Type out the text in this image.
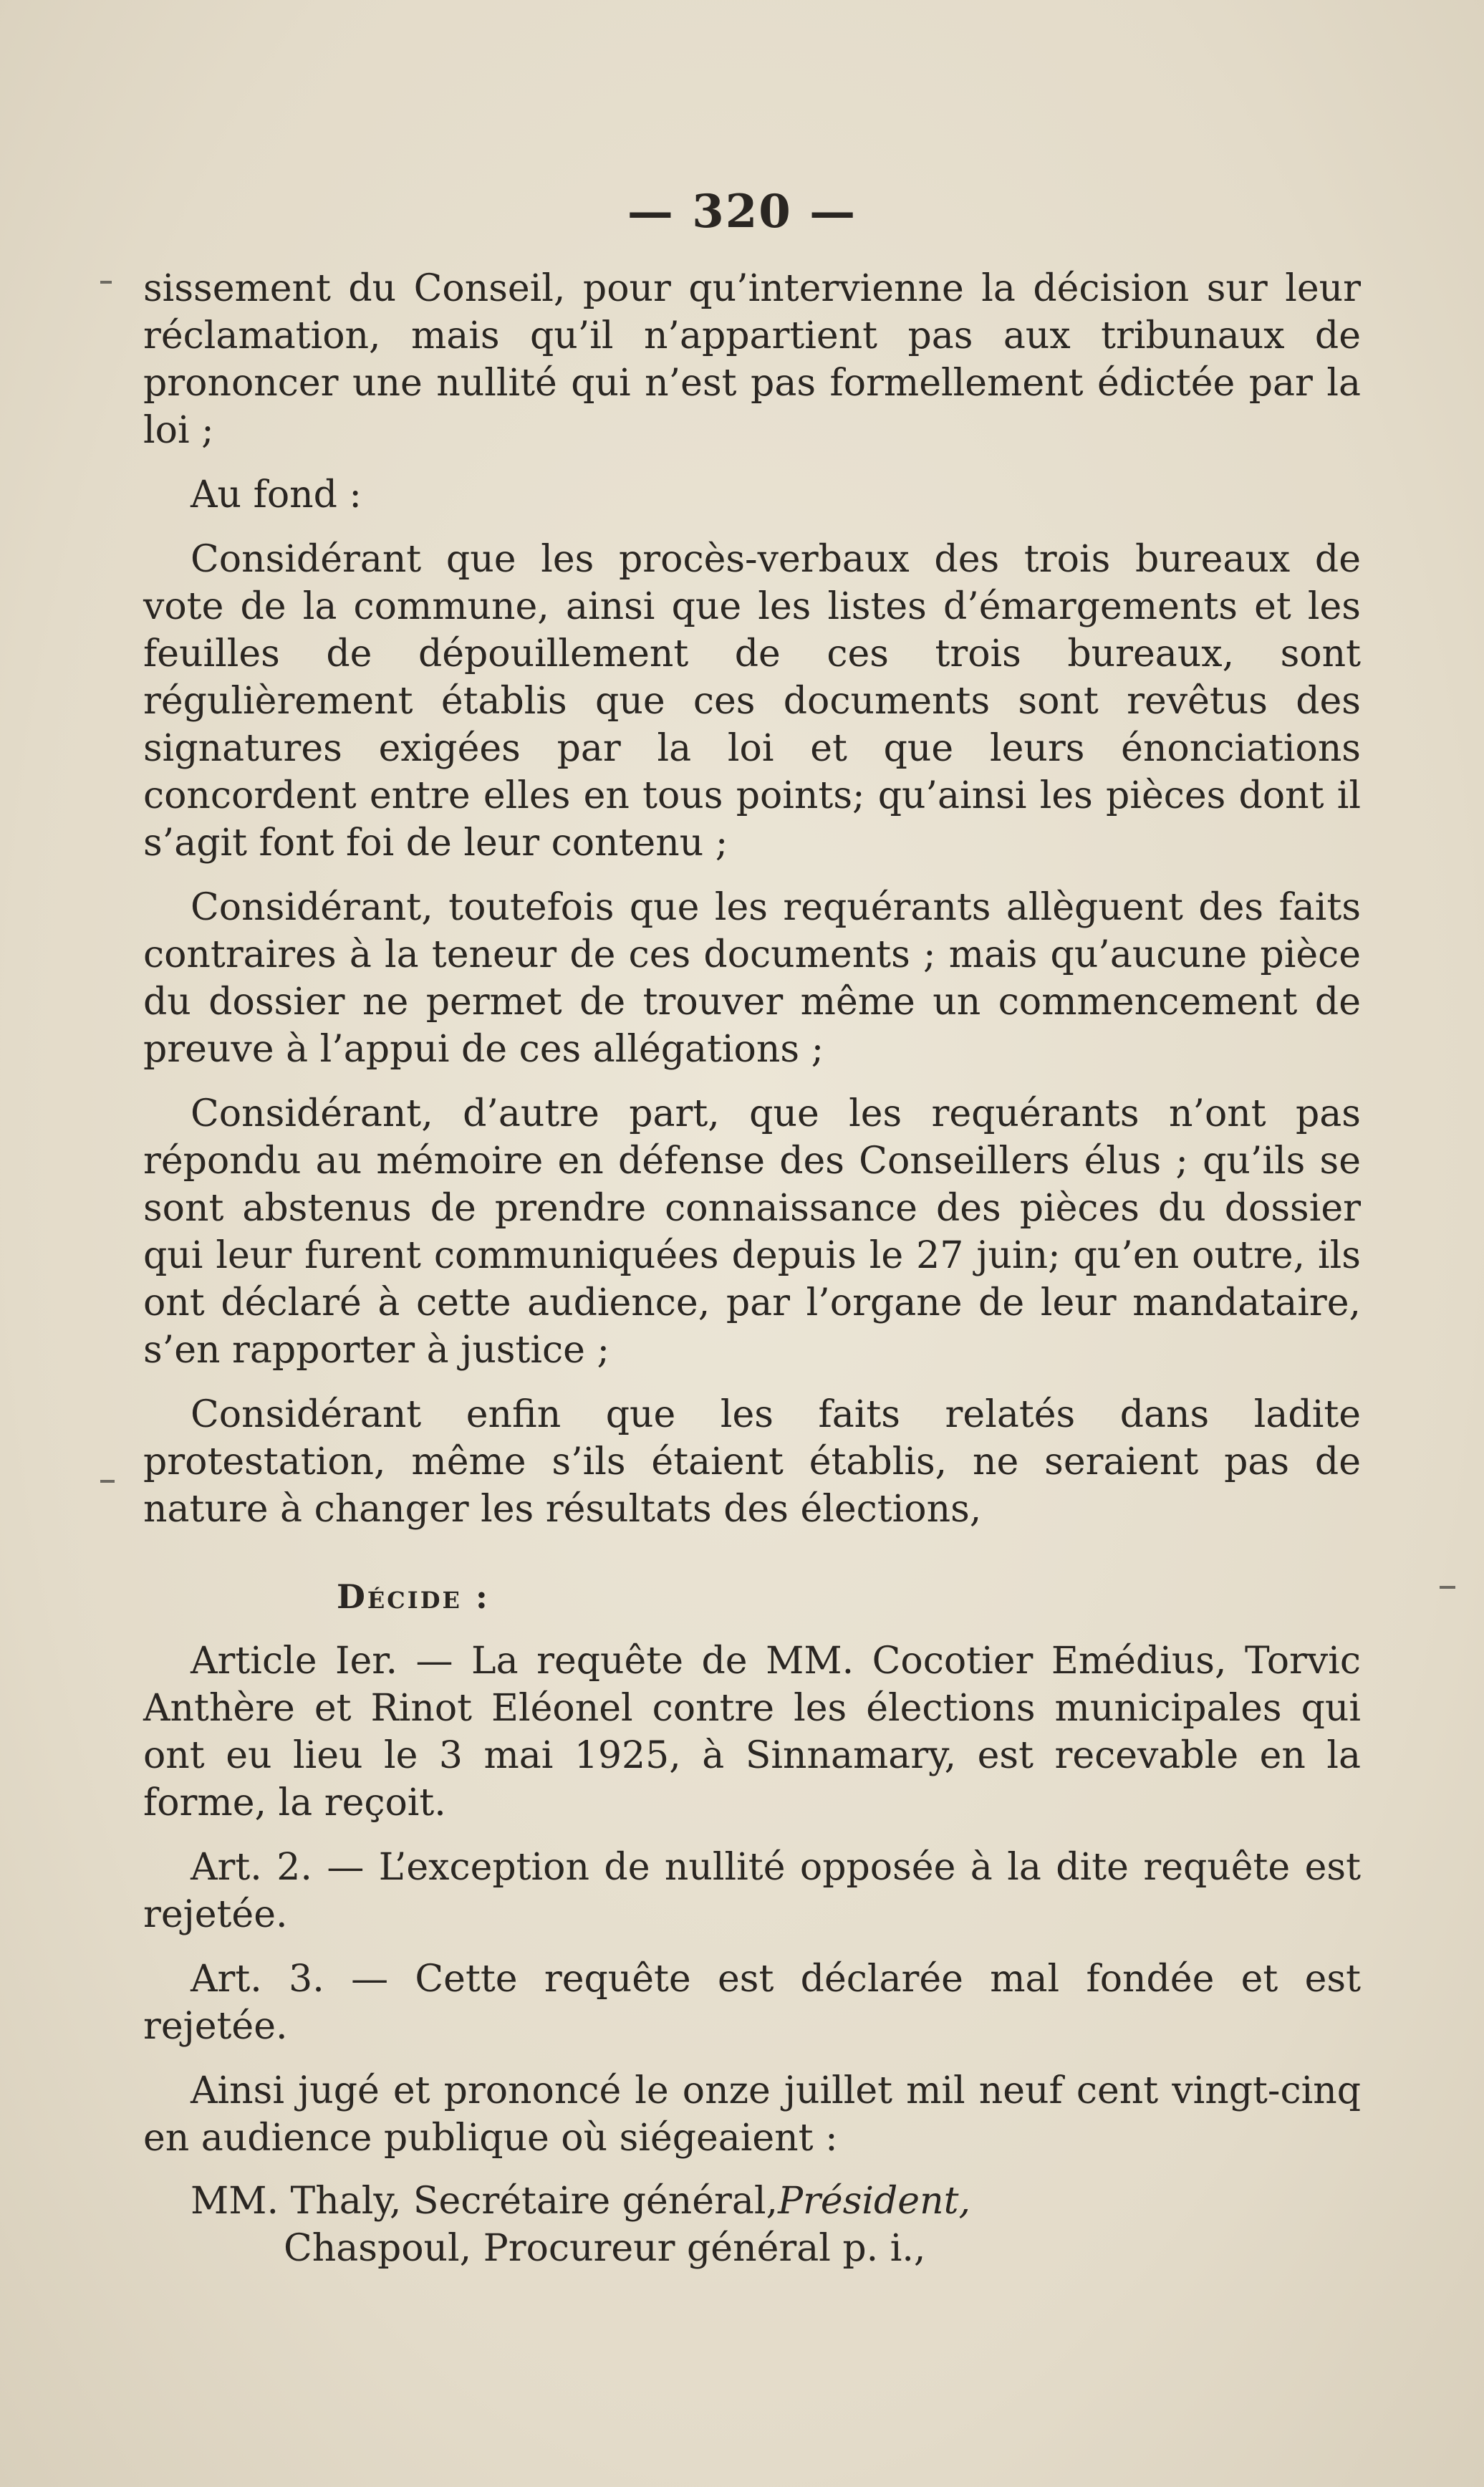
— 320 —

sissement du Conseil, pour qu’intervienne la décision sur leur réclamation, mais qu’il n’appartient pas aux tribunaux de prononcer une nullité qui n’est pas formellement édictée par la loi ;

Au fond :

Considérant que les procès-verbaux des trois bureaux de vote de la commune, ainsi que les listes d’émargements et les feuilles de dépouillement de ces trois bureaux, sont régulièrement établis que ces documents sont revêtus des signatures exigées par la loi et que leurs énonciations concordent entre elles en tous points; qu’ainsi les pièces dont il s’agit font foi de leur contenu ;

Considérant, toutefois que les requérants allèguent des faits contraires à la teneur de ces documents ; mais qu’aucune pièce du dossier ne permet de trouver même un commencement de preuve à l’appui de ces allégations ;

Considérant, d’autre part, que les requérants n’ont pas répondu au mémoire en défense des Conseillers élus ; qu’ils se sont abstenus de prendre connaissance des pièces du dossier qui leur furent communiquées depuis le 27 juin; qu’en outre, ils ont déclaré à cette audience, par l’organe de leur mandataire, s’en rapporter à justice ;

Considérant enfin que les faits relatés dans ladite protestation, même s’ils étaient établis, ne seraient pas de nature à changer les résultats des élections,

Décide :

Article Ier. — La requête de MM. Cocotier Emédius, Torvic Anthère et Rinot Eléonel contre les élections municipales qui ont eu lieu le 3 mai 1925, à Sinnamary, est recevable en la forme, la reçoit.

Art. 2. — L’exception de nullité opposée à la dite requête est rejetée.

Art. 3. — Cette requête est déclarée mal fondée et est rejetée.

Ainsi jugé et prononcé le onze juillet mil neuf cent vingt-cinq en audience publique où siégeaient :

MM. Thaly, Secrétaire général,Président,

Chaspoul, Procureur général p. i.,
